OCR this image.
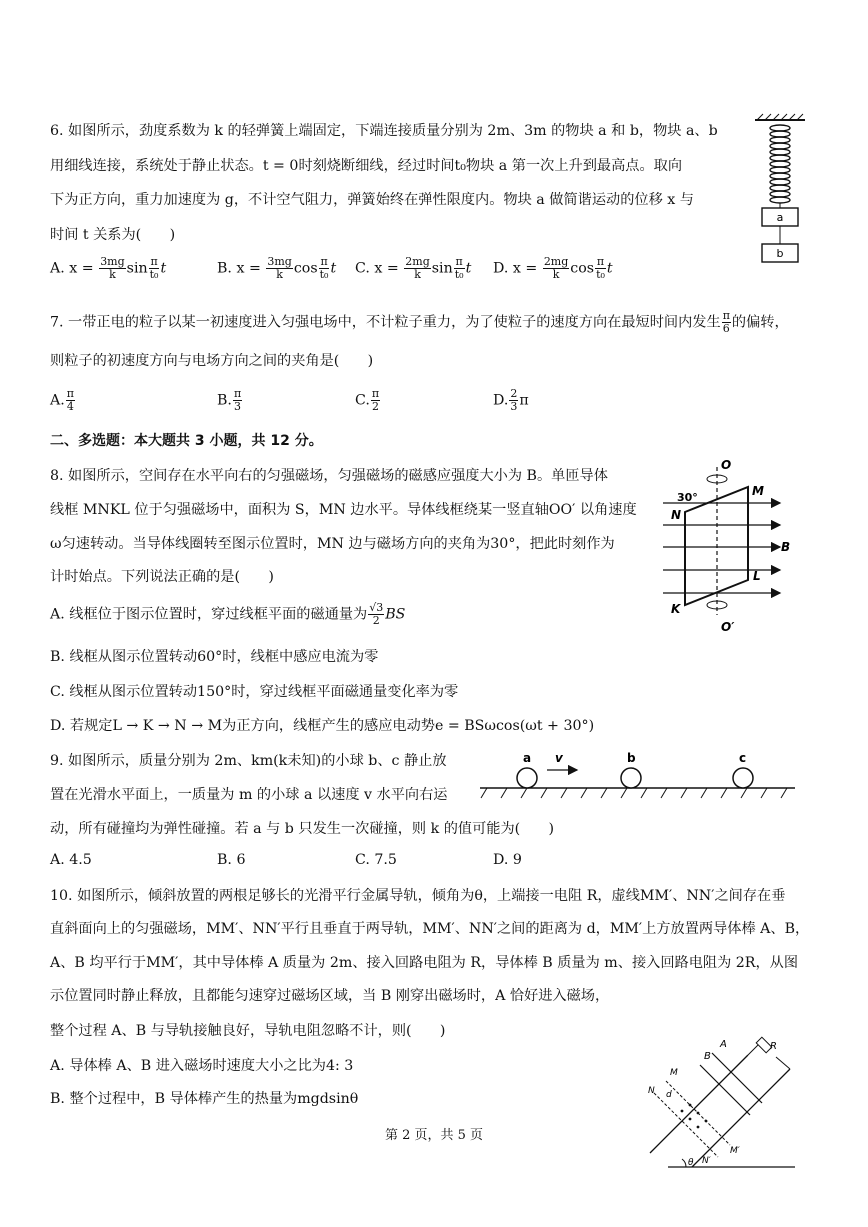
6. 如图所示，劲度系数为 k 的轻弹簧上端固定，下端连接质量分别为 2m、3m 的物块 a 和 b，物块 a、b
用细线连接，系统处于静止状态。t = 0时刻烧断细线，经过时间t₀物块 a 第一次上升到最高点。取向
下为正方向，重力加速度为 g，不计空气阻力，弹簧始终在弹性限度内。物块 a 做简谐运动的位移 x 与
时间 t 关系为(　　)
A. $x = \frac{3mg}{k}$ $\sin \frac{\pi}{\text{t₀}}$ t	B. $x = \frac{3mg}{k}$ $\cos \frac{\pi}{\text{t₀}}$ t C. $x = \frac{2mg}{k}$ $\sin \frac{\pi}{\text{t₀}}$ t D. $x = \frac{2mg}{k}$ $\cos \frac{\pi}{\text{t₀}}$ t
a
b
7. 一带正电的粒子以某一初速度进入匀强电场中，不计粒子重力，为了使粒子的速度方向在最短时间内发生 $\frac{\pi}{6}$ 的偏转，
则粒子的初速度方向与电场方向之间的夹角是(　　)
A. $\frac{\pi}{4}$	B. $\frac{\pi}{3}$	C. $\frac{\pi}{2}$	D. $\frac{2}{3}$ π
二、多选题：本大题共 3 小题，共 12 分。
8. 如图所示，空间存在水平向右的匀强磁场，匀强磁场的磁感应强度大小为 B。单匝导体
线框 MNKL 位于匀强磁场中，面积为 S，MN 边水平。导体线框绕某一竖直轴OO′ 以角速度
ω匀速转动。当导体线圈转至图示位置时，MN 边与磁场方向的夹角为30°，把此时刻作为
计时始点。下列说法正确的是(　　)
A. 线框位于图示位置时，穿过线框平面的磁通量为 $\frac{√3}{2}$ BS
B. 线框从图示位置转动60°时，线框中感应电流为零
C. 线框从图示位置转动150°时，穿过线框平面磁通量变化率为零
D. 若规定L → K → N → M为正方向，线框产生的感应电动势e = BSωcos(ωt + 30°)
O
O′
M
N
K
L
B
30°
9. 如图所示，质量分别为 2m、km(k未知)的小球 b、c 静止放
置在光滑水平面上，一质量为 m 的小球 a 以速度 v 水平向右运
动，所有碰撞均为弹性碰撞。若 a 与 b 只发生一次碰撞，则 k 的值可能为(　　)
A. 4.5	B. 6	C. 7.5	D. 9
a	b	c
v
10. 如图所示，倾斜放置的两根足够长的光滑平行金属导轨，倾角为θ，上端接一电阻 R，虚线MM′、NN′之间存在垂
直斜面向上的匀强磁场，MM′、NN′平行且垂直于两导轨，MM′、NN′之间的距离为 d，MM′上方放置两导体棒 A、B，
A、B 均平行于MM′，其中导体棒 A 质量为 2m、接入回路电阻为 R，导体棒 B 质量为 m、接入回路电阻为 2R，从图
示位置同时静止释放，且都能匀速穿过磁场区域，当 B 刚穿出磁场时，A 恰好进入磁场，
整个过程 A、B 与导轨接触良好，导轨电阻忽略不计，则(　　)
A. 导体棒 A、B 进入磁场时速度大小之比为4: 3
B. 整个过程中，B 导体棒产生的热量为mgdsinθ
R
A
B
M
N
M′
N′
d
θ
第 2 页，共 5 页
